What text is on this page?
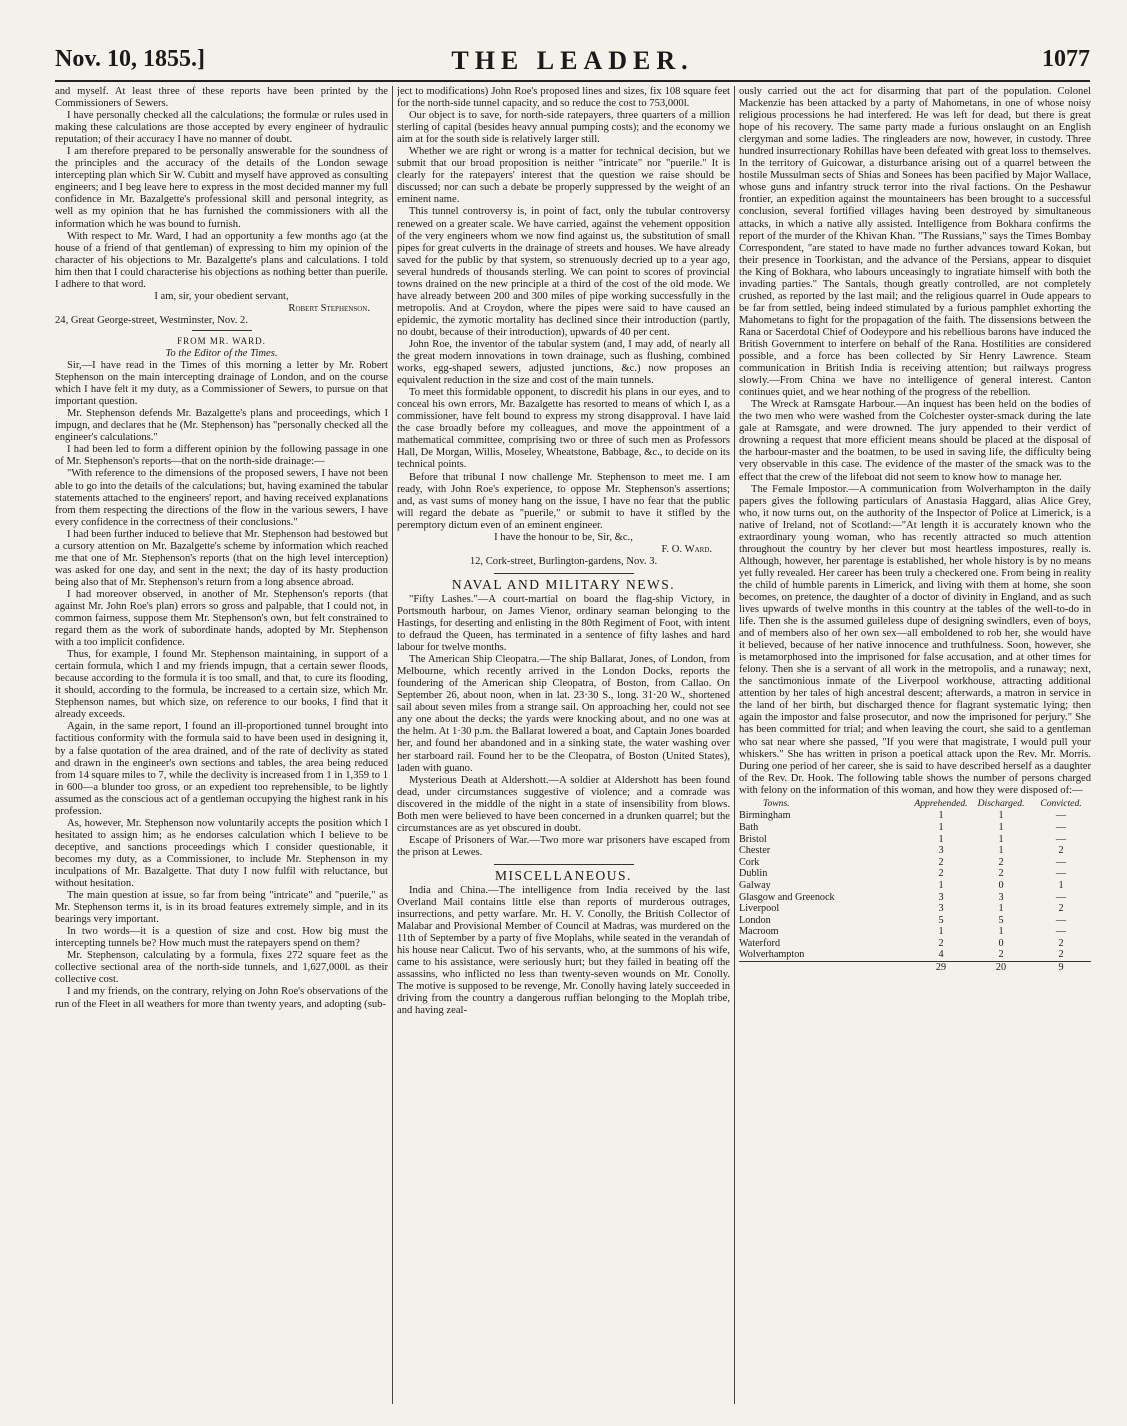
Nov. 10, 1855.]	THE LEADER.	1077

and myself. At least three of these reports have been printed by the Commissioners of Sewers.

I have personally checked all the calculations; the formulæ or rules used in making these calculations are those accepted by every engineer of hydraulic reputation; of their accuracy I have no manner of doubt.

I am therefore prepared to be personally answerable for the soundness of the principles and the accuracy of the details of the London sewage intercepting plan which Sir W. Cubitt and myself have approved as consulting engineers; and I beg leave here to express in the most decided manner my full confidence in Mr. Bazalgette's professional skill and personal integrity, as well as my opinion that he has furnished the commissioners with all the information which he was bound to furnish.

With respect to Mr. Ward, I had an opportunity a few months ago (at the house of a friend of that gentleman) of expressing to him my opinion of the character of his objections to Mr. Bazalgette's plans and calculations. I told him then that I could characterise his objections as nothing better than puerile. I adhere to that word.

I am, sir, your obedient servant,

Robert Stephenson.

24, Great George-street, Westminster, Nov. 2.

FROM MR. WARD.

To the Editor of the Times.

Sir,—I have read in the Times of this morning a letter by Mr. Robert Stephenson on the main intercepting drainage of London, and on the course which I have felt it my duty, as a Commissioner of Sewers, to pursue on that important question.

Mr. Stephenson defends Mr. Bazalgette's plans and proceedings, which I impugn, and declares that he (Mr. Stephenson) has "personally checked all the engineer's calculations."

I had been led to form a different opinion by the following passage in one of Mr. Stephenson's reports—that on the north-side drainage:—

"With reference to the dimensions of the proposed sewers, I have not been able to go into the details of the calculations; but, having examined the tabular statements attached to the engineers' report, and having received explanations from them respecting the directions of the flow in the various sewers, I have every confidence in the correctness of their conclusions."

I had been further induced to believe that Mr. Stephenson had bestowed but a cursory attention on Mr. Bazalgette's scheme by information which reached me that one of Mr. Stephenson's reports (that on the high level interception) was asked for one day, and sent in the next; the day of its hasty production being also that of Mr. Stephenson's return from a long absence abroad.

I had moreover observed, in another of Mr. Stephenson's reports (that against Mr. John Roe's plan) errors so gross and palpable, that I could not, in common fairness, suppose them Mr. Stephenson's own, but felt constrained to regard them as the work of subordinate hands, adopted by Mr. Stephenson with a too implicit confidence.

Thus, for example, I found Mr. Stephenson maintaining, in support of a certain formula, which I and my friends impugn, that a certain sewer floods, because according to the formula it is too small, and that, to cure its flooding, it should, according to the formula, be increased to a certain size, which Mr. Stephenson names, but which size, on reference to our books, I find that it already exceeds.

Again, in the same report, I found an ill-proportioned tunnel brought into factitious conformity with the formula said to have been used in designing it, by a false quotation of the area drained, and of the rate of declivity as stated and drawn in the engineer's own sections and tables, the area being reduced from 14 square miles to 7, while the declivity is increased from 1 in 1,359 to 1 in 600—a blunder too gross, or an expedient too reprehensible, to be lightly assumed as the conscious act of a gentleman occupying the highest rank in his profession.

As, however, Mr. Stephenson now voluntarily accepts the position which I hesitated to assign him; as he endorses calculation which I believe to be deceptive, and sanctions proceedings which I consider questionable, it becomes my duty, as a Commissioner, to include Mr. Stephenson in my inculpations of Mr. Bazalgette. That duty I now fulfil with reluctance, but without hesitation.

The main question at issue, so far from being "intricate" and "puerile," as Mr. Stephenson terms it, is in its broad features extremely simple, and in its bearings very important.

In two words—it is a question of size and cost. How big must the intercepting tunnels be? How much must the ratepayers spend on them?

Mr. Stephenson, calculating by a formula, fixes 272 square feet as the collective sectional area of the north-side tunnels, and 1,627,000l. as their collective cost.

I and my friends, on the contrary, relying on John Roe's observations of the run of the Fleet in all weathers for more than twenty years, and adopting (sub-

ject to modifications) John Roe's proposed lines and sizes, fix 108 square feet for the north-side tunnel capacity, and so reduce the cost to 753,000l.

Our object is to save, for north-side ratepayers, three quarters of a million sterling of capital (besides heavy annual pumping costs); and the economy we aim at for the south side is relatively larger still.

Whether we are right or wrong is a matter for technical decision, but we submit that our broad proposition is neither "intricate" nor "puerile." It is clearly for the ratepayers' interest that the question we raise should be discussed; nor can such a debate be properly suppressed by the weight of an eminent name.

This tunnel controversy is, in point of fact, only the tubular controversy renewed on a greater scale. We have carried, against the vehement opposition of the very engineers whom we now find against us, the substitution of small pipes for great culverts in the drainage of streets and houses. We have already saved for the public by that system, so strenuously decried up to a year ago, several hundreds of thousands sterling. We can point to scores of provincial towns drained on the new principle at a third of the cost of the old mode. We have already between 200 and 300 miles of pipe working successfully in the metropolis. And at Croydon, where the pipes were said to have caused an epidemic, the zymotic mortality has declined since their introduction (partly, no doubt, because of their introduction), upwards of 40 per cent.

John Roe, the inventor of the tabular system (and, I may add, of nearly all the great modern innovations in town drainage, such as flushing, combined works, egg-shaped sewers, adjusted junctions, &c.) now proposes an equivalent reduction in the size and cost of the main tunnels.

To meet this formidable opponent, to discredit his plans in our eyes, and to conceal his own errors, Mr. Bazalgette has resorted to means of which I, as a commissioner, have felt bound to express my strong disapproval. I have laid the case broadly before my colleagues, and move the appointment of a mathematical committee, comprising two or three of such men as Professors Hall, De Morgan, Willis, Moseley, Wheatstone, Babbage, &c., to decide on its technical points.

Before that tribunal I now challenge Mr. Stephenson to meet me. I am ready, with John Roe's experience, to oppose Mr. Stephenson's assertions; and, as vast sums of money hang on the issue, I have no fear that the public will regard the debate as "puerile," or submit to have it stifled by the peremptory dictum even of an eminent engineer.

I have the honour to be, Sir, &c.,

F. O. Ward.

12, Cork-street, Burlington-gardens, Nov. 3.

NAVAL AND MILITARY NEWS.

"Fifty Lashes."—A court-martial on board the flag-ship Victory, in Portsmouth harbour, on James Vienor, ordinary seaman belonging to the Hastings, for deserting and enlisting in the 80th Regiment of Foot, with intent to defraud the Queen, has terminated in a sentence of fifty lashes and hard labour for twelve months.

The American Ship Cleopatra.—The ship Ballarat, Jones, of London, from Melbourne, which recently arrived in the London Docks, reports the foundering of the American ship Cleopatra, of Boston, from Callao. On September 26, about noon, when in lat. 23·30 S., long. 31·20 W., shortened sail about seven miles from a strange sail. On approaching her, could not see any one about the decks; the yards were knocking about, and no one was at the helm. At 1·30 p.m. the Ballarat lowered a boat, and Captain Jones boarded her, and found her abandoned and in a sinking state, the water washing over her starboard rail. Found her to be the Cleopatra, of Boston (United States), laden with guano.

Mysterious Death at Aldershott.—A soldier at Aldershott has been found dead, under circumstances suggestive of violence; and a comrade was discovered in the middle of the night in a state of insensibility from blows. Both men were believed to have been concerned in a drunken quarrel; but the circumstances are as yet obscured in doubt.

Escape of Prisoners of War.—Two more war prisoners have escaped from the prison at Lewes.

MISCELLANEOUS.

India and China.—The intelligence from India received by the last Overland Mail contains little else than reports of murderous outrages, insurrections, and petty warfare. Mr. H. V. Conolly, the British Collector of Malabar and Provisional Member of Council at Madras, was murdered on the 11th of September by a party of five Moplahs, while seated in the verandah of his house near Calicut. Two of his servants, who, at the summons of his wife, came to his assistance, were seriously hurt; but they failed in beating off the assassins, who inflicted no less than twenty-seven wounds on Mr. Conolly. The motive is supposed to be revenge, Mr. Conolly having lately succeeded in driving from the country a dangerous ruffian belonging to the Moplah tribe, and having zeal-

ously carried out the act for disarming that part of the population. Colonel Mackenzie has been attacked by a party of Mahometans, in one of whose noisy religious processions he had interfered. He was left for dead, but there is great hope of his recovery. The same party made a furious onslaught on an English clergyman and some ladies. The ringleaders are now, however, in custody. Three hundred insurrectionary Rohillas have been defeated with great loss to themselves. In the territory of Guicowar, a disturbance arising out of a quarrel between the hostile Mussulman sects of Shias and Sonees has been pacified by Major Wallace, whose guns and infantry struck terror into the rival factions. On the Peshawur frontier, an expedition against the mountaineers has been brought to a successful conclusion, several fortified villages having been destroyed by simultaneous attacks, in which a native ally assisted. Intelligence from Bokhara confirms the report of the murder of the Khivan Khan. "The Russians," says the Times Bombay Correspondent, "are stated to have made no further advances toward Kokan, but their presence in Toorkistan, and the advance of the Persians, appear to disquiet the King of Bokhara, who labours unceasingly to ingratiate himself with both the invading parties." The Santals, though greatly controlled, are not completely crushed, as reported by the last mail; and the religious quarrel in Oude appears to be far from settled, being indeed stimulated by a furious pamphlet exhorting the Mahometans to fight for the propagation of the faith. The dissensions between the Rana or Sacerdotal Chief of Oodeypore and his rebellious barons have induced the British Government to interfere on behalf of the Rana. Hostilities are considered possible, and a force has been collected by Sir Henry Lawrence. Steam communication in British India is receiving attention; but railways progress slowly.—From China we have no intelligence of general interest. Canton continues quiet, and we hear nothing of the progress of the rebellion.

The Wreck at Ramsgate Harbour.—An inquest has been held on the bodies of the two men who were washed from the Colchester oyster-smack during the late gale at Ramsgate, and were drowned. The jury appended to their verdict of drowning a request that more efficient means should be placed at the disposal of the harbour-master and the boatmen, to be used in saving life, the difficulty being very observable in this case. The evidence of the master of the smack was to the effect that the crew of the lifeboat did not seem to know how to manage her.

The Female Impostor.—A communication from Wolverhampton in the daily papers gives the following particulars of Anastasia Haggard, alias Alice Grey, who, it now turns out, on the authority of the Inspector of Police at Limerick, is a native of Ireland, not of Scotland:—"At length it is accurately known who the extraordinary young woman, who has recently attracted so much attention throughout the country by her clever but most heartless impostures, really is. Although, however, her parentage is established, her whole history is by no means yet fully revealed. Her career has been truly a checkered one. From being in reality the child of humble parents in Limerick, and living with them at home, she soon becomes, on pretence, the daughter of a doctor of divinity in England, and as such lives upwards of twelve months in this country at the tables of the well-to-do in life. Then she is the assumed guileless dupe of designing swindlers, even of boys, and of members also of her own sex—all emboldened to rob her, she would have it believed, because of her native innocence and truthfulness. Soon, however, she is metamorphosed into the imprisoned for false accusation, and at other times for felony. Then she is a servant of all work in the metropolis, and a runaway; next, the sanctimonious inmate of the Liverpool workhouse, attracting additional attention by her tales of high ancestral descent; afterwards, a matron in service in the land of her birth, but discharged thence for flagrant systematic lying; then again the impostor and false prosecutor, and now the imprisoned for perjury." She has been committed for trial; and when leaving the court, she said to a gentleman who sat near where she passed, "If you were that magistrate, I would pull your whiskers." She has written in prison a poetical attack upon the Rev. Mr. Morris. During one period of her career, she is said to have described herself as a daughter of the Rev. Dr. Hook. The following table shows the number of persons charged with felony on the information of this woman, and how they were disposed of:—

Towns.	Apprehended.	Discharged.	Convicted.
Birmingham	1	1	—
Bath	1	1	—
Bristol	1	1	—
Chester	3	1	2
Cork	2	2	—
Dublin	2	2	—
Galway	1	0	1
Glasgow and Greenock	3	3	—
Liverpool	3	1	2
London	5	5	—
Macroom	1	1	—
Waterford	2	0	2
Wolverhampton	4	2	2
	29	20	9
